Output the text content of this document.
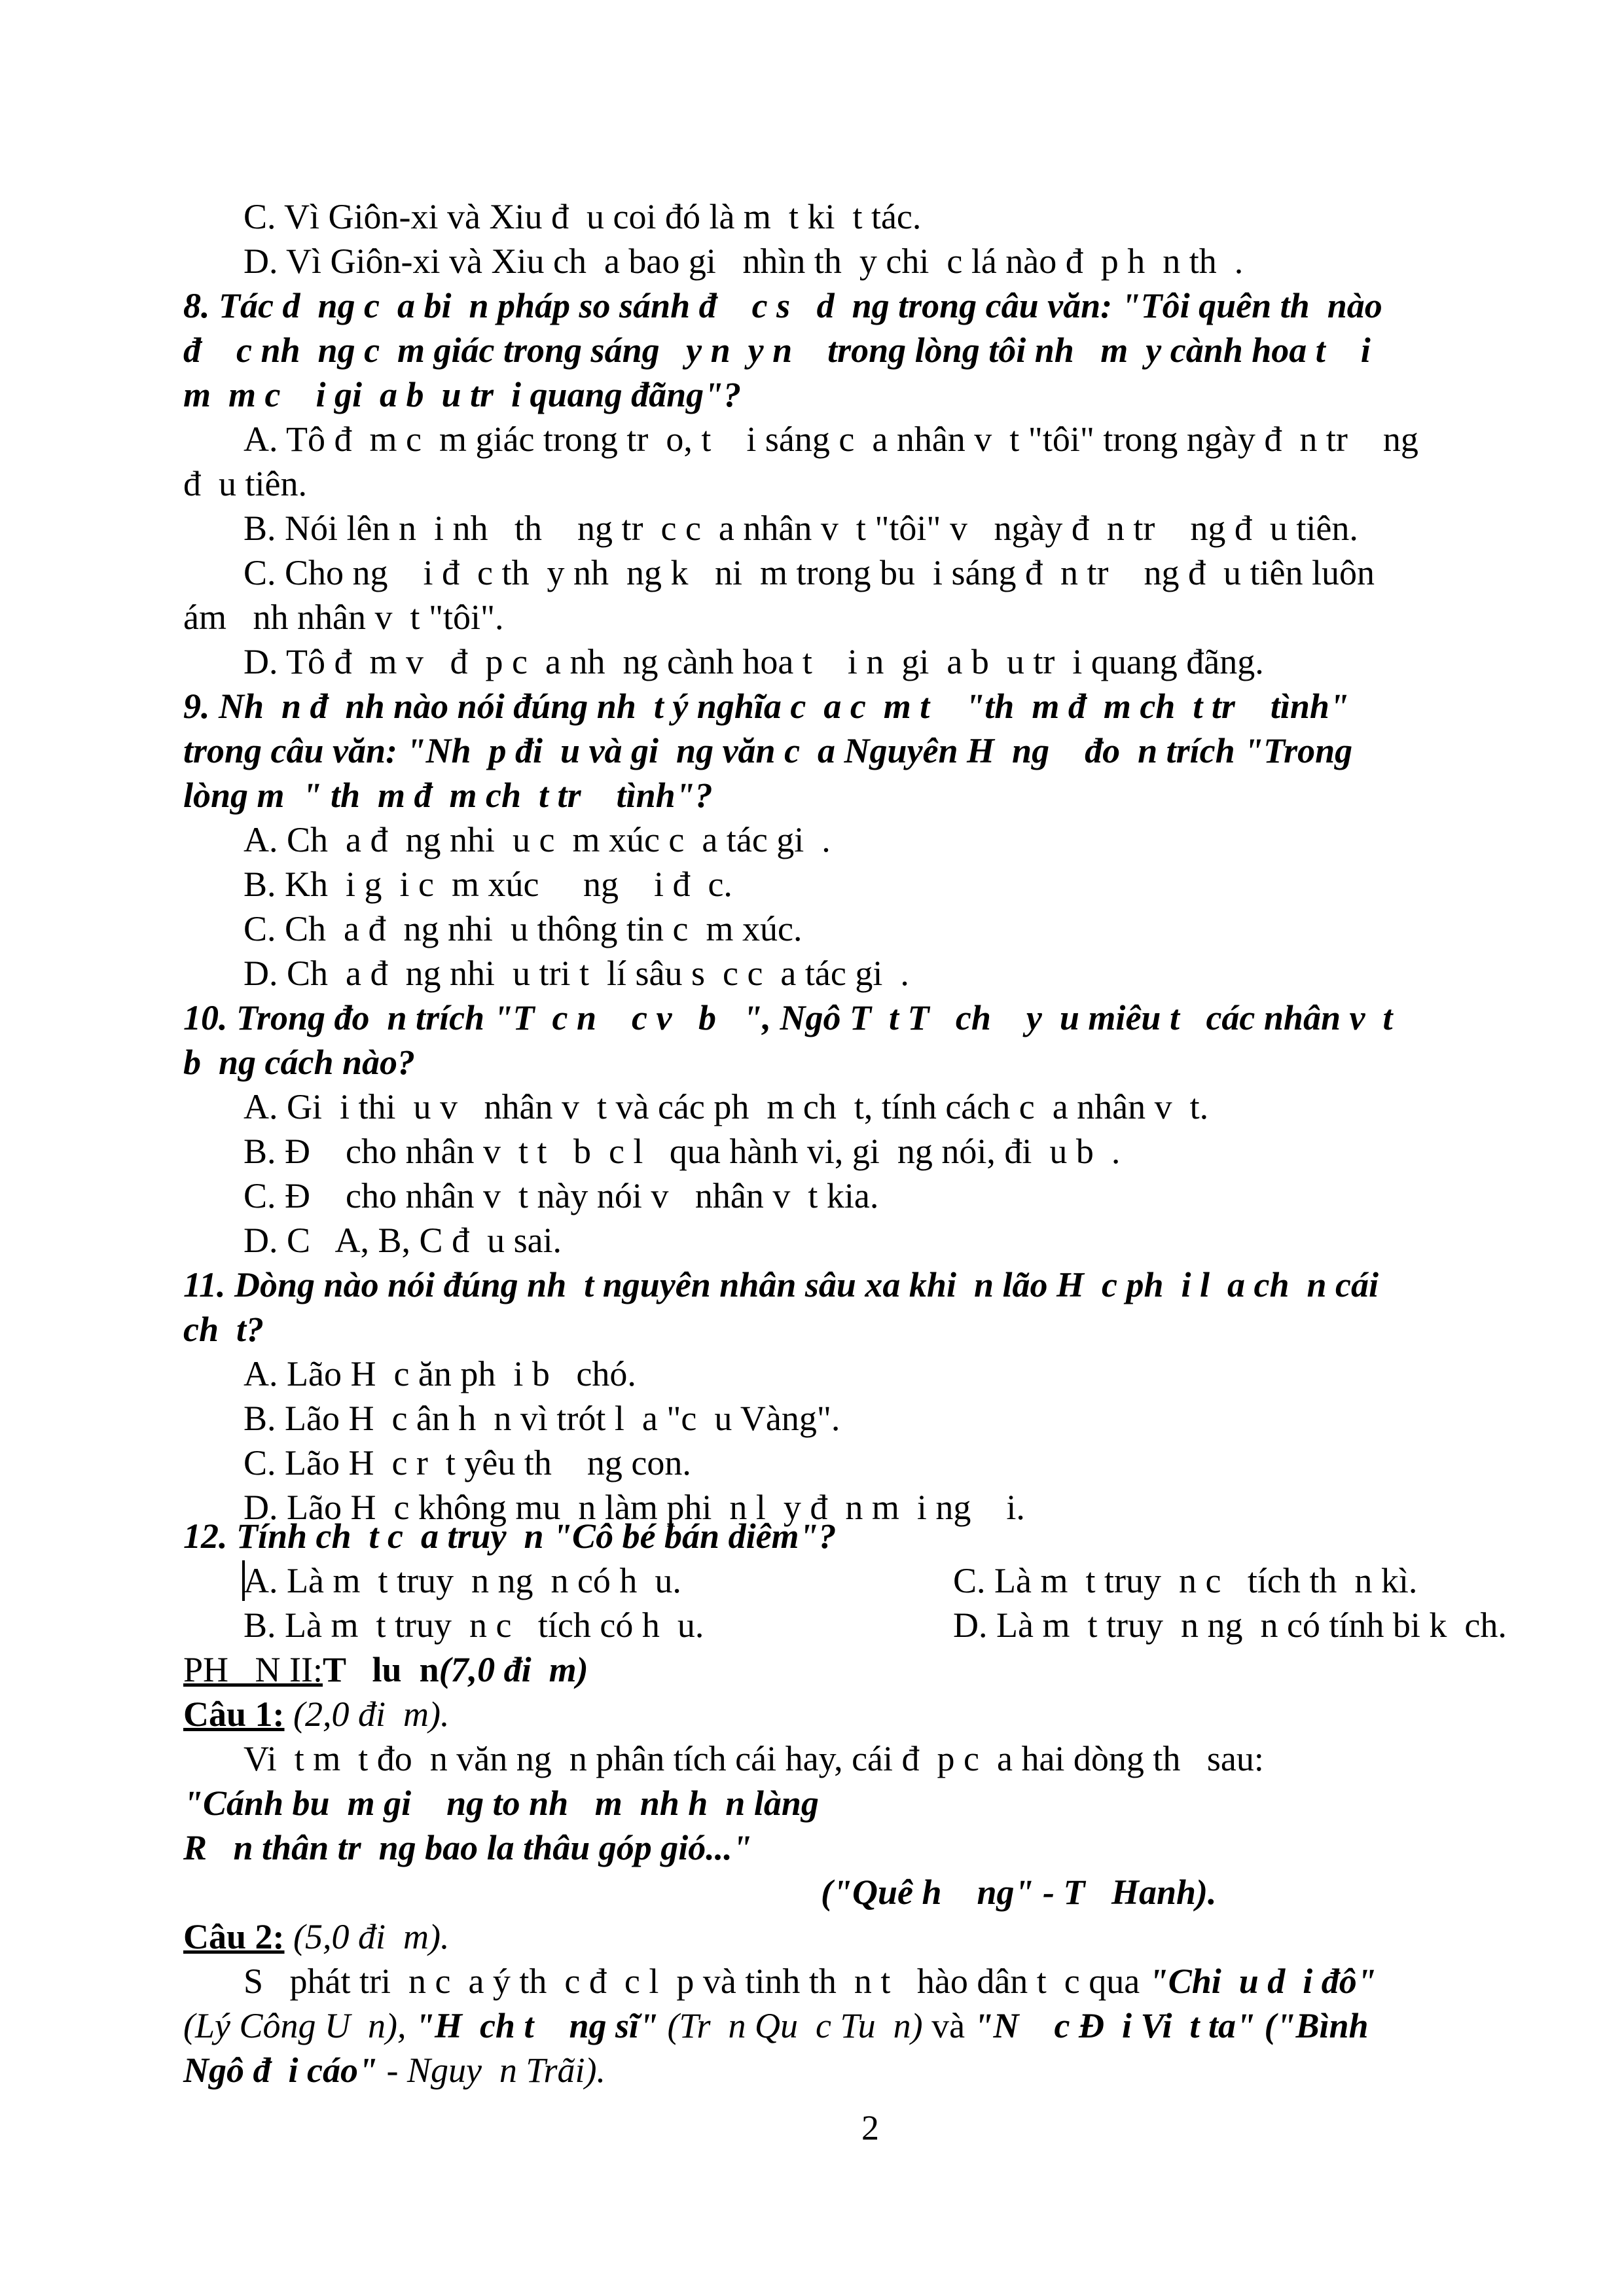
C. Vì Giôn-xi và Xiu đ  u coi đó là m  t ki  t tác.
D. Vì Giôn-xi và Xiu ch  a bao gi   nhìn th  y chi  c lá nào đ  p h  n th  .
8. Tác d  ng c  a bi  n pháp so sánh đ    c s   d  ng trong câu văn: "Tôi quên th  nào
đ    c nh  ng c  m giác trong sáng   y n  y n    trong lòng tôi nh   m  y cành hoa t    i
m  m c    i gi  a b  u tr  i quang đãng"?
A. Tô đ  m c  m giác trong tr  o, t    i sáng c  a nhân v  t "tôi" trong ngày đ  n tr    ng
đ  u tiên.
B. Nói lên n  i nh   th    ng tr  c c  a nhân v  t "tôi" v   ngày đ  n tr    ng đ  u tiên.
C. Cho ng    i đ  c th  y nh  ng k   ni  m trong bu  i sáng đ  n tr    ng đ  u tiên luôn
ám   nh nhân v  t "tôi".
D. Tô đ  m v   đ  p c  a nh  ng cành hoa t    i n  gi  a b  u tr  i quang đãng.
9. Nh  n đ  nh nào nói đúng nh  t ý nghĩa c  a c  m t    "th  m đ  m ch  t tr    tình"
trong câu văn: "Nh  p đi  u và gi  ng văn c  a Nguyên H  ng    đo  n trích "Trong
lòng m  " th  m đ  m ch  t tr    tình"?
A. Ch  a đ  ng nhi  u c  m xúc c  a tác gi  .
B. Kh  i g  i c  m xúc     ng    i đ  c.
C. Ch  a đ  ng nhi  u thông tin c  m xúc.
D. Ch  a đ  ng nhi  u tri t  lí sâu s  c c  a tác gi  .
10. Trong đo  n trích "T  c n    c v   b   ", Ngô T  t T   ch    y  u miêu t   các nhân v  t
b  ng cách nào?
A. Gi  i thi  u v   nhân v  t và các ph  m ch  t, tính cách c  a nhân v  t.
B. Đ    cho nhân v  t t   b  c l   qua hành vi, gi  ng nói, đi  u b  .
C. Đ    cho nhân v  t này nói v   nhân v  t kia.
D. C   A, B, C đ  u sai.
11. Dòng nào nói đúng nh  t nguyên nhân sâu xa khi  n lão H  c ph  i l  a ch  n cái
ch  t?
A. Lão H  c ăn ph  i b   chó.
B. Lão H  c ân h  n vì trót l  a "c  u Vàng".
C. Lão H  c r  t yêu th    ng con.
D. Lão H  c không mu  n làm phi  n l  y đ  n m  i ng    i.
12. Tính ch  t c  a truy  n "Cô bé bán diêm"?
A. Là m  t truy  n ng  n có h  u.	C. Là m  t truy  n c   tích th  n kì.
B. Là m  t truy  n c   tích có h  u.	D. Là m  t truy  n ng  n có tính bi k  ch.
PH   N II:T   lu  n(7,0 đi  m)
Câu 1: (2,0 đi  m).
Vi  t m  t đo  n văn ng  n phân tích cái hay, cái đ  p c  a hai dòng th   sau:
"Cánh bu  m gi    ng to nh   m  nh h  n làng
R   n thân tr  ng bao la thâu góp gió..."
("Quê h    ng" - T   Hanh).
Câu 2: (5,0 đi  m).
S   phát tri  n c  a ý th  c đ  c l  p và tinh th  n t   hào dân t  c qua "Chi  u d  i đô"
(Lý Công U  n), "H  ch t    ng sĩ" (Tr  n Qu  c Tu  n) và "N    c Đ  i Vi  t ta" ("Bình
Ngô đ  i cáo" - Nguy  n Trãi).
2
